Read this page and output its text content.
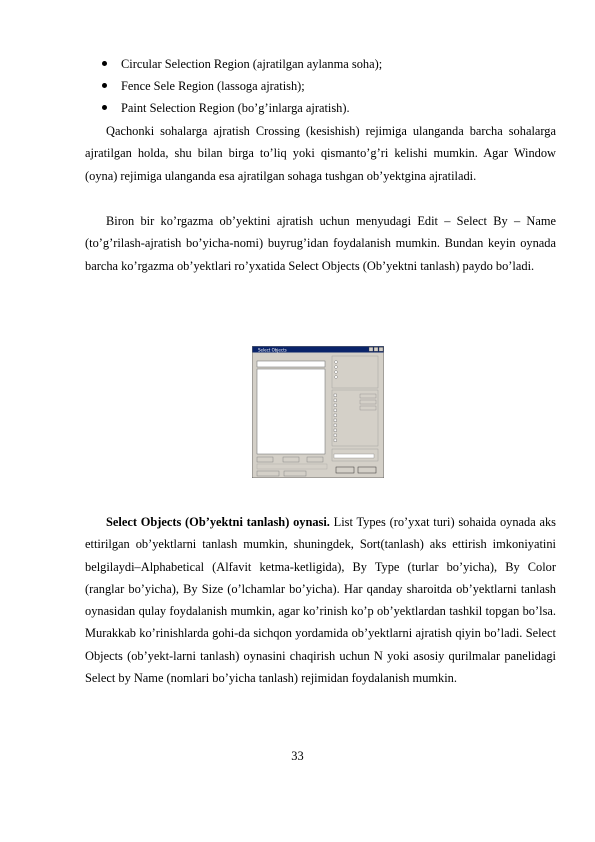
Circular Selection Region (ajratilgan aylanma soha);
Fence Sele Region (lassoga ajratish);
Paint Selection Region (bo’g’inlarga ajratish).

Qachonki sohalarga ajratish Crossing (kesishish) rejimiga ulanganda barcha sohalarga ajratilgan holda, shu bilan birga to’liq yoki qismanto’g’ri kelishi mumkin. Agar Window (oyna) rejimiga ulanganda esa ajratilgan sohaga tushgan ob’yektgina ajratiladi.

Biron bir ko’rgazma ob’yektini ajratish uchun menyudagi Edit – Select By – Name (to’g’rilash-ajratish bo’yicha-nomi) buyrug’idan foydalanish mumkin. Bundan keyin oynada barcha ko’rgazma ob’yektlari ro’yxatida Select Objects (Ob’yektni tanlash) paydo bo’ladi.

Select Objects

Select Objects (Ob’yektni tanlash) oynasi. List Types (ro’yxat turi) sohaida oynada aks ettirilgan ob’yektlarni tanlash mumkin, shuningdek, Sort(tanlash) aks ettirish imkoniyatini belgilaydi–Alphabetical (Alfavit ketma-ketligida), By Type (turlar bo’yicha), By Color (ranglar bo’yicha), By Size (o’lchamlar bo’yicha). Har qanday sharoitda ob’yektlarni tanlash oynasidan qulay foydalanish mumkin, agar ko’rinish ko’p ob’yektlardan tashkil topgan bo’lsa. Murakkab ko’rinishlarda gohi-da sichqon yordamida ob’yektlarni ajratish qiyin bo’ladi. Select Objects (ob’yekt-larni tanlash) oynasini chaqirish uchun N yoki asosiy qurilmalar panelidagi Select by Name (nomlari bo’yicha tanlash) rejimidan foydalanish mumkin.

33
